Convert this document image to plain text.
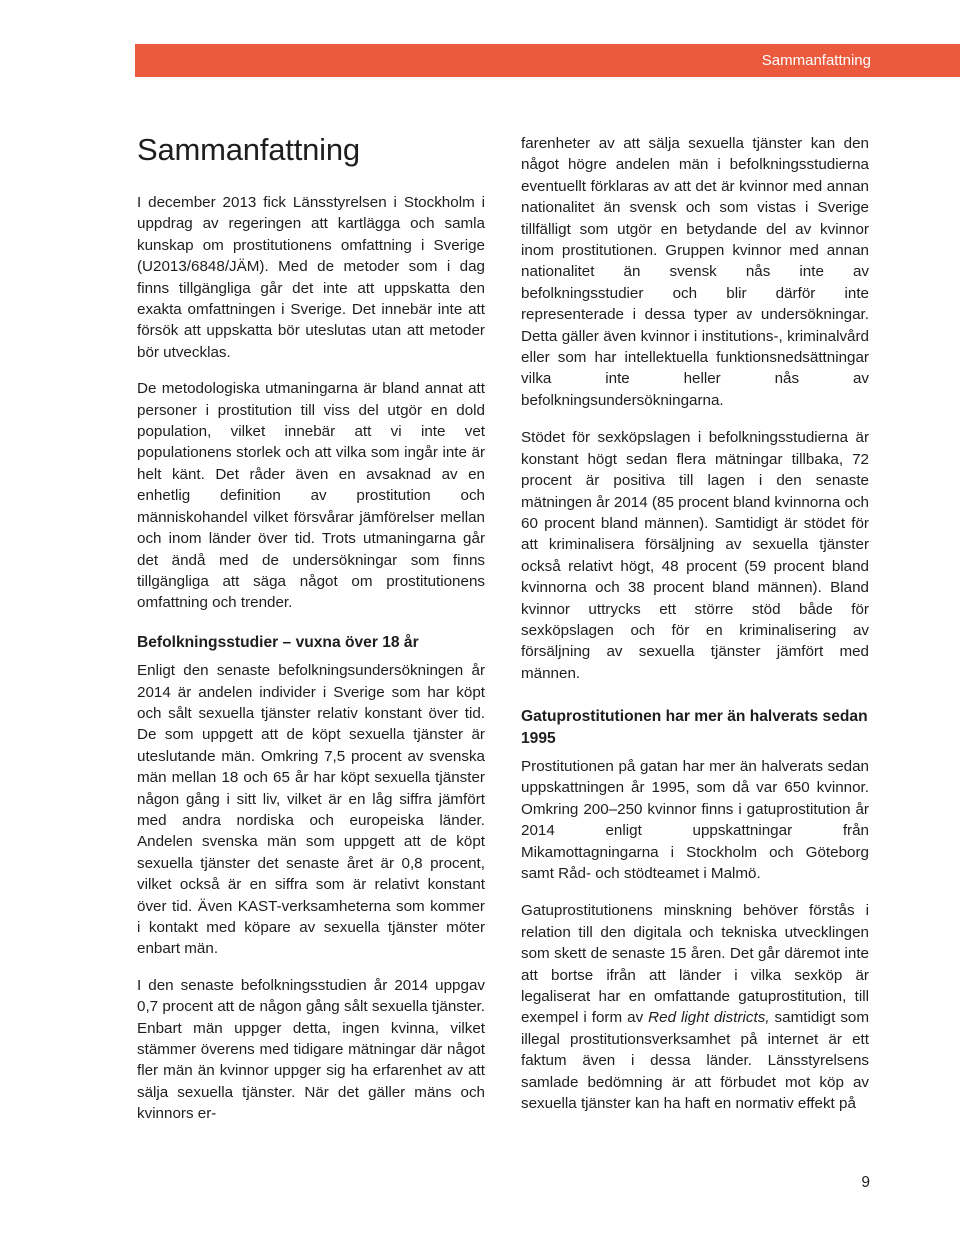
Sammanfattning
Sammanfattning

I december 2013 fick Länsstyrelsen i Stockholm i uppdrag av regeringen att kartlägga och samla kunskap om prostitutionens omfattning i Sverige (U2013/6848/JÄM). Med de metoder som i dag finns tillgängliga går det inte att uppskatta den exakta omfattningen i Sverige. Det innebär inte att försök att uppskatta bör uteslutas utan att metoder bör utvecklas.

De metodologiska utmaningarna är bland annat att personer i prostitution till viss del utgör en dold population, vilket innebär att vi inte vet populationens storlek och att vilka som ingår inte är helt känt. Det råder även en avsaknad av en enhetlig definition av prostitution och människohandel vilket försvårar jämförelser mellan och inom länder över tid. Trots utmaningarna går det ändå med de undersökningar som finns tillgängliga att säga något om prostitutionens omfattning och trender.

Befolkningsstudier – vuxna över 18 år

Enligt den senaste befolkningsundersökningen år 2014 är andelen individer i Sverige som har köpt och sålt sexuella tjänster relativ konstant över tid. De som uppgett att de köpt sexuella tjänster är uteslutande män. Omkring 7,5 procent av svenska män mellan 18 och 65 år har köpt sexuella tjänster någon gång i sitt liv, vilket är en låg siffra jämfört med andra nordiska och europeiska länder. Andelen svenska män som uppgett att de köpt sexuella tjänster det senaste året är 0,8 procent, vilket också är en siffra som är relativt konstant över tid. Även KAST-verksamheterna som kommer i kontakt med köpare av sexuella tjänster möter enbart män.

I den senaste befolkningsstudien år 2014 uppgav 0,7 procent att de någon gång sålt sexuella tjänster. Enbart män uppger detta, ingen kvinna, vilket stämmer överens med tidigare mätningar där något fler män än kvinnor uppger sig ha erfarenhet av att sälja sexuella tjänster. När det gäller mäns och kvinnors er-

farenheter av att sälja sexuella tjänster kan den något högre andelen män i befolkningsstudierna eventuellt förklaras av att det är kvinnor med annan nationalitet än svensk och som vistas i Sverige tillfälligt som utgör en betydande del av kvinnor inom prostitutionen. Gruppen kvinnor med annan nationalitet än svensk nås inte av befolkningsstudier och blir därför inte representerade i dessa typer av undersökningar. Detta gäller även kvinnor i institutions-, kriminalvård eller som har intellektuella funktionsnedsättningar vilka inte heller nås av befolkningsundersökningarna.

Stödet för sexköpslagen i befolkningsstudierna är konstant högt sedan flera mätningar tillbaka, 72 procent är positiva till lagen i den senaste mätningen år 2014 (85 procent bland kvinnorna och 60 procent bland männen). Samtidigt är stödet för att kriminalisera försäljning av sexuella tjänster också relativt högt, 48 procent (59 procent bland kvinnorna och 38 procent bland männen). Bland kvinnor uttrycks ett större stöd både för sexköpslagen och för en kriminalisering av försäljning av sexuella tjänster jämfört med männen.

Gatuprostitutionen har mer än halverats sedan 1995

Prostitutionen på gatan har mer än halverats sedan uppskattningen år 1995, som då var 650 kvinnor. Omkring 200–250 kvinnor finns i gatuprostitution år 2014 enligt uppskattningar från Mikamottagningarna i Stockholm och Göteborg samt Råd- och stödteamet i Malmö.

Gatuprostitutionens minskning behöver förstås i relation till den digitala och tekniska utvecklingen som skett de senaste 15 åren. Det går däremot inte att bortse ifrån att länder i vilka sexköp är legaliserat har en omfattande gatuprostitution, till exempel i form av Red light districts, samtidigt som illegal prostitutionsverksamhet på internet är ett faktum även i dessa länder. Länsstyrelsens samlade bedömning är att förbudet mot köp av sexuella tjänster kan ha haft en normativ effekt på

9
